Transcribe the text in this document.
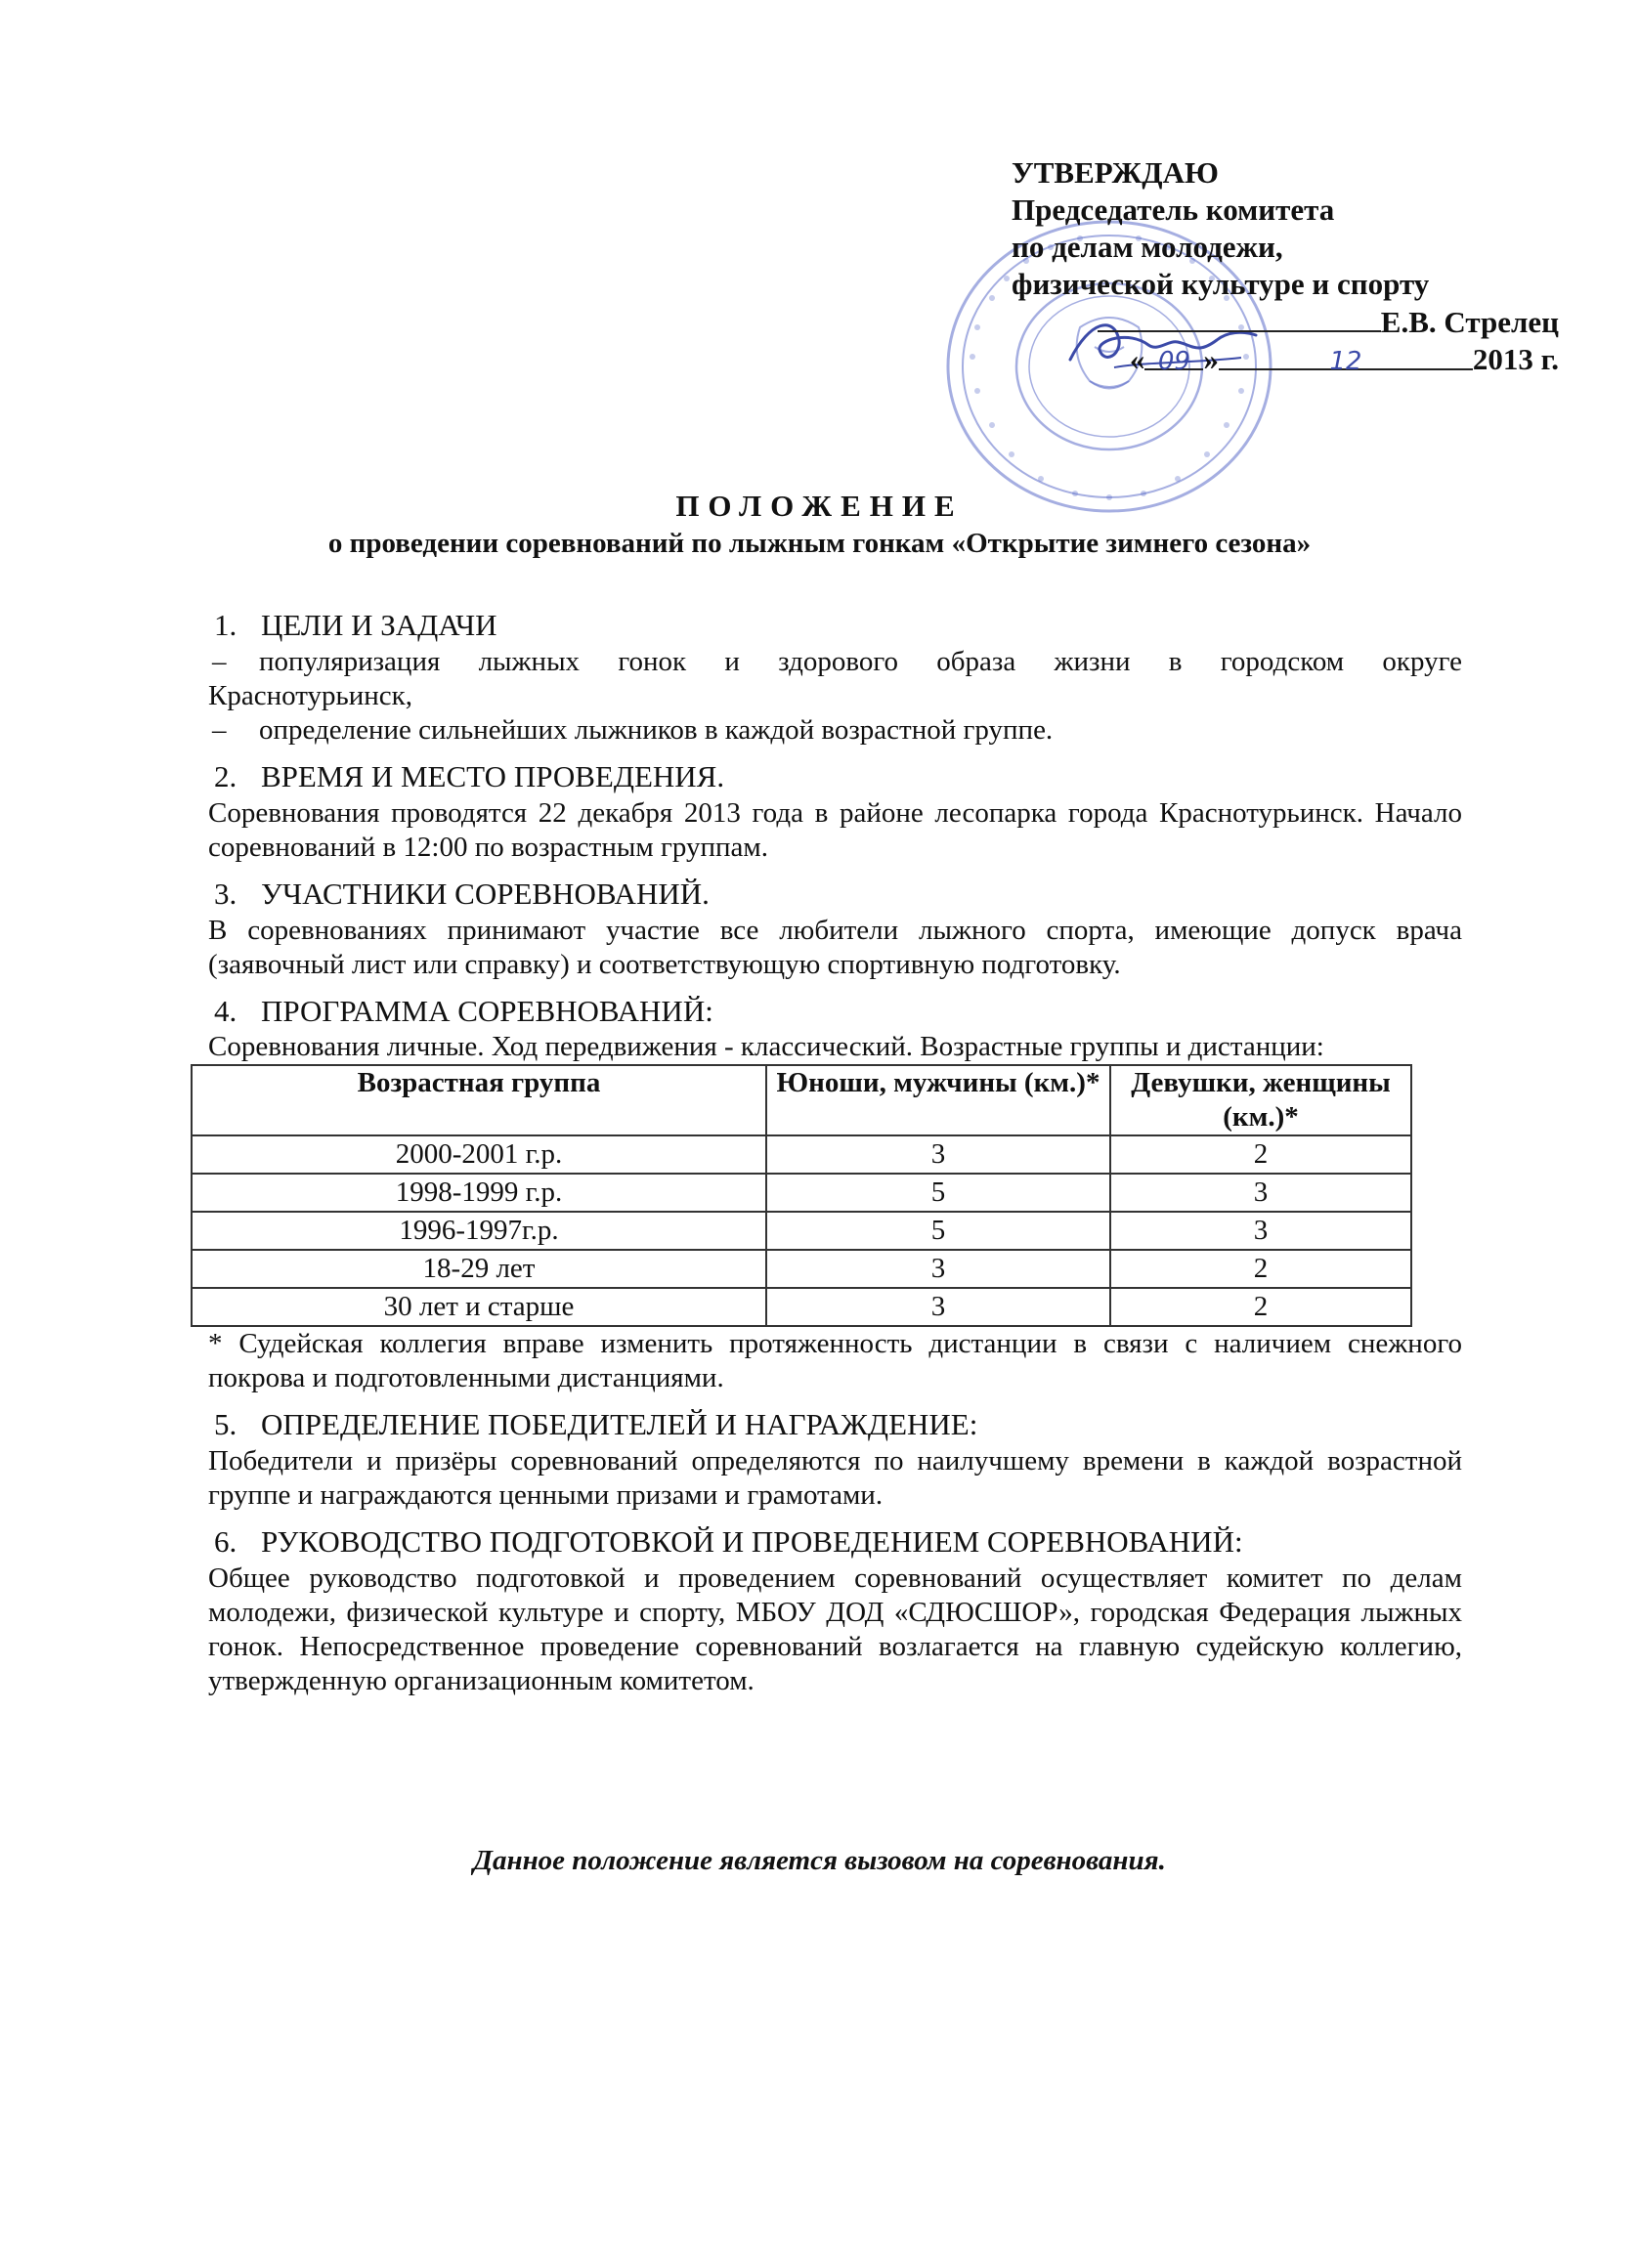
УТВЕРЖДАЮ
Председатель комитета
по делам молодежи,
физической культуре и спорту
Е.В. Стрелец
« 09 »	12	2013 г.
ПОЛОЖЕНИЕ
о проведении соревнований по лыжным гонкам «Открытие зимнего сезона»
1. ЦЕЛИ И ЗАДАЧИ
–	популяризация лыжных гонок и здорового образа жизни в городском округе
Краснотурьинск,
–	определение сильнейших лыжников в каждой возрастной группе.
2. ВРЕМЯ И МЕСТО ПРОВЕДЕНИЯ.

Соревнования проводятся 22 декабря 2013 года в районе лесопарка города Краснотурьинск. Начало соревнований в 12:00 по возрастным группам.

3. УЧАСТНИКИ СОРЕВНОВАНИЙ.

В соревнованиях принимают участие все любители лыжного спорта, имеющие допуск врача (заявочный лист или справку) и соответствующую спортивную подготовку.

4. ПРОГРАММА СОРЕВНОВАНИЙ:

Соревнования личные. Ход передвижения - классический. Возрастные группы и дистанции:

Возрастная группа	Юноши, мужчины (км.)*	Девушки, женщины (км.)*
2000-2001 г.р.	3	2
1998-1999 г.р.	5	3
1996-1997г.р.	5	3
18-29 лет	3	2
30 лет и старше	3	2

* Судейская коллегия вправе изменить протяженность дистанции в связи с наличием снежного покрова и подготовленными дистанциями.

5. ОПРЕДЕЛЕНИЕ ПОБЕДИТЕЛЕЙ И НАГРАЖДЕНИЕ:

Победители и призёры соревнований определяются по наилучшему времени в каждой возрастной группе и награждаются ценными призами и грамотами.

6. РУКОВОДСТВО ПОДГОТОВКОЙ И ПРОВЕДЕНИЕМ СОРЕВНОВАНИЙ:

Общее руководство подготовкой и проведением соревнований осуществляет комитет по делам молодежи, физической культуре и спорту, МБОУ ДОД «СДЮСШОР», городская Федерация лыжных гонок. Непосредственное проведение соревнований возлагается на главную судейскую коллегию, утвержденную организационным комитетом.

Данное положение является вызовом на соревнования.
